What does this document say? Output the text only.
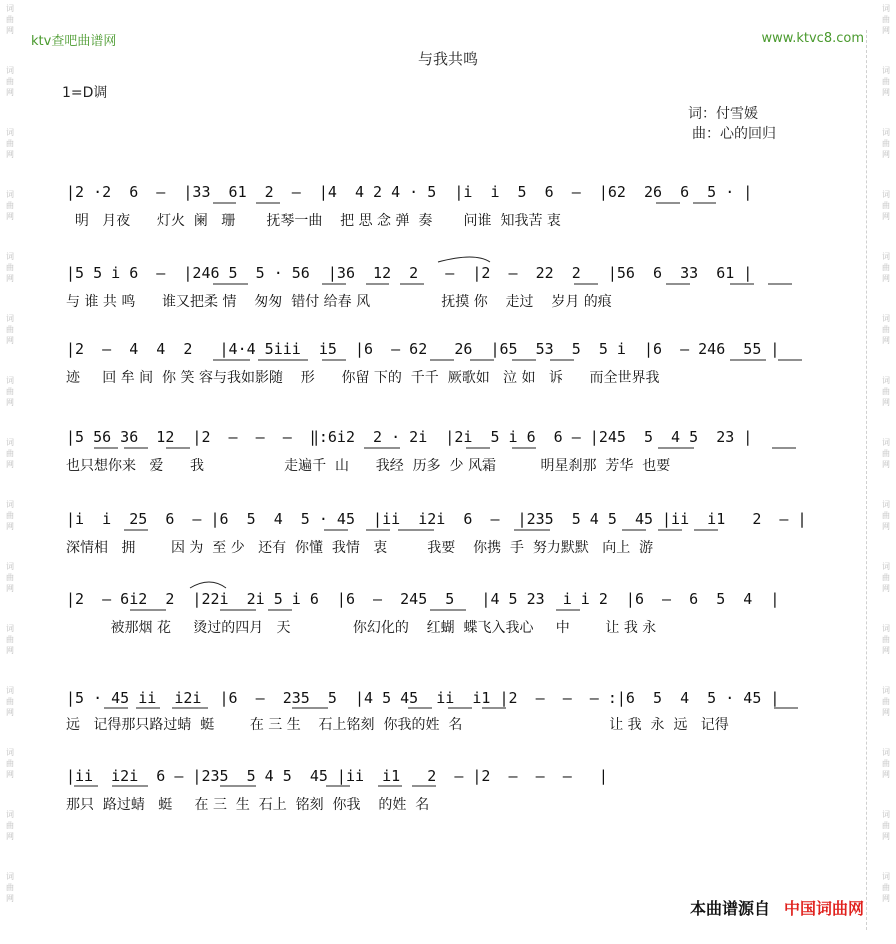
词
曲
网
词
曲
网
词
曲
网
词
曲
网
词
曲
网
词
曲
网
词
曲
网
词
曲
网
词
曲
网
词
曲
网
词
曲
网
词
曲
网
词
曲
网
词
曲
网
词
曲
网
词
曲
网
词
曲
网
词
曲
网
词
曲
网
词
曲
网
词
曲
网
词
曲
网
词
曲
网
词
曲
网
词
曲
网
词
曲
网
词
曲
网
词
曲
网
词
曲
网
词
曲
网
ktv查吧曲谱网	www.ktvc8.com
与我共鸣
1=D调
词：付雪媛
曲：心的回归
|2 ·2  6  –  |33  61  2  –  |4  4 2 4 · 5  |i  i  5  6  –  |62  26  6  5 · |
明   月夜      灯火  阑   珊       抚琴一曲    把 思 念 弹  奏       问谁  知我苦 衷
|5 5 i 6  –  |246 5  5 · 56  |36  12  2   –  |2  –  22  2   |56  6  33  61 |
与 谁 共 鸣      谁又把柔 情    匆匆  错付 给春 风                抚摸 你    走过    岁月 的痕
|2  –  4  4  2   |4·4 5iii  i5  |6  – 62   26  |65  53  5  5 i  |6  – 246  55 |
迹     回 牟 间  你 笑 容与我如影随    形      你留 下的  千千  厥歌如   泣 如   诉      而全世界我
|5 56 36  12  |2  –  –  –  ‖:6i2  2 · 2i  |2i  5 i 6  6 – |245  5  4 5  23 |
也只想你来   爱      我                  走遍千  山      我经  历多  少 风霜          明星刹那  芳华  也要
|i  i  25  6  – |6  5  4  5 · 45  |ii  i2i  6  –  |235  5 4 5  45 |ii  i1   2  – |
深情相   拥        因 为  至 少   还有  你懂  我情   衷         我要    你携  手  努力默默   向上  游
|2  – 6i2  2  |22i  2i 5 i 6  |6  –  245  5   |4 5 23  i i 2  |6  –  6  5  4  |
被那烟 花     烫过的四月   天              你幻化的    红蝴  蝶飞入我心     中        让 我 永
|5 · 45 ii  i2i  |6  –  235  5  |4 5 45  ii  i1 |2  –  –  – :|6  5  4  5 · 45 |
远   记得那只路过蜻  蜓        在 三 生    石上铭刻  你我的姓  名                                 让 我  永  远   记得
|ii  i2i  6 – |235  5 4 5  45 |ii  i1   2  – |2  –  –  –   |
那只  路过蜻   蜓     在 三  生  石上  铭刻  你我    的姓  名
本曲谱源自 中国词曲网
